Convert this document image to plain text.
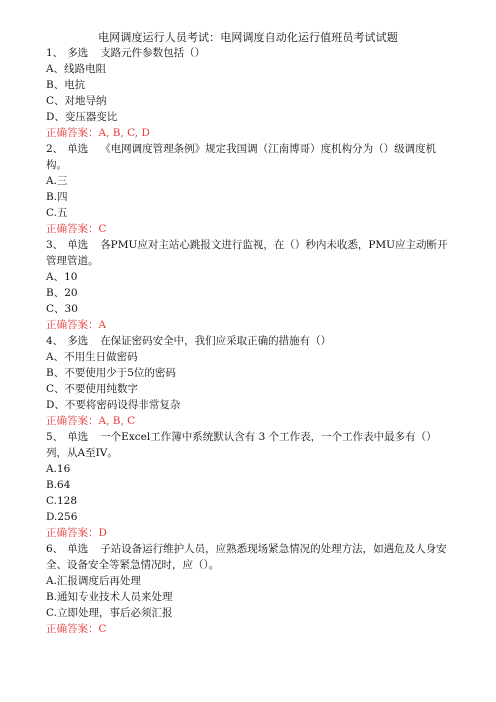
电网调度运行人员考试：电网调度自动化运行值班员考试试题
1、 多选 支路元件参数包括（）
A、线路电阻
B、电抗
C、对地导纳
D、变压器变比
正确答案：A, B, C, D
2、 单选 《电网调度管理条例》规定我国调（江南博哥）度机构分为（）级调度机构。
A.三
B.四
C.五
正确答案：C
3、 单选 各PMU应对主站心跳报文进行监视，在（）秒内未收悉，PMU应主动断开管理管道。
A、10
B、20
C、30
正确答案：A
4、 多选 在保证密码安全中，我们应采取正确的措施有（）
A、不用生日做密码
B、不要使用少于5位的密码
C、不要使用纯数字
D、不要将密码设得非常复杂
正确答案：A, B, C
5、 单选 一个Excel工作簿中系统默认含有 3 个工作表，一个工作表中最多有（）列，从A至IV。
A.16
B.64
C.128
D.256
正确答案：D
6、 单选 子站设备运行维护人员，应熟悉现场紧急情况的处理方法，如遇危及人身安全、设备安全等紧急情况时，应（）。
A.汇报调度后再处理
B.通知专业技术人员来处理
C.立即处理，事后必须汇报
正确答案：C
